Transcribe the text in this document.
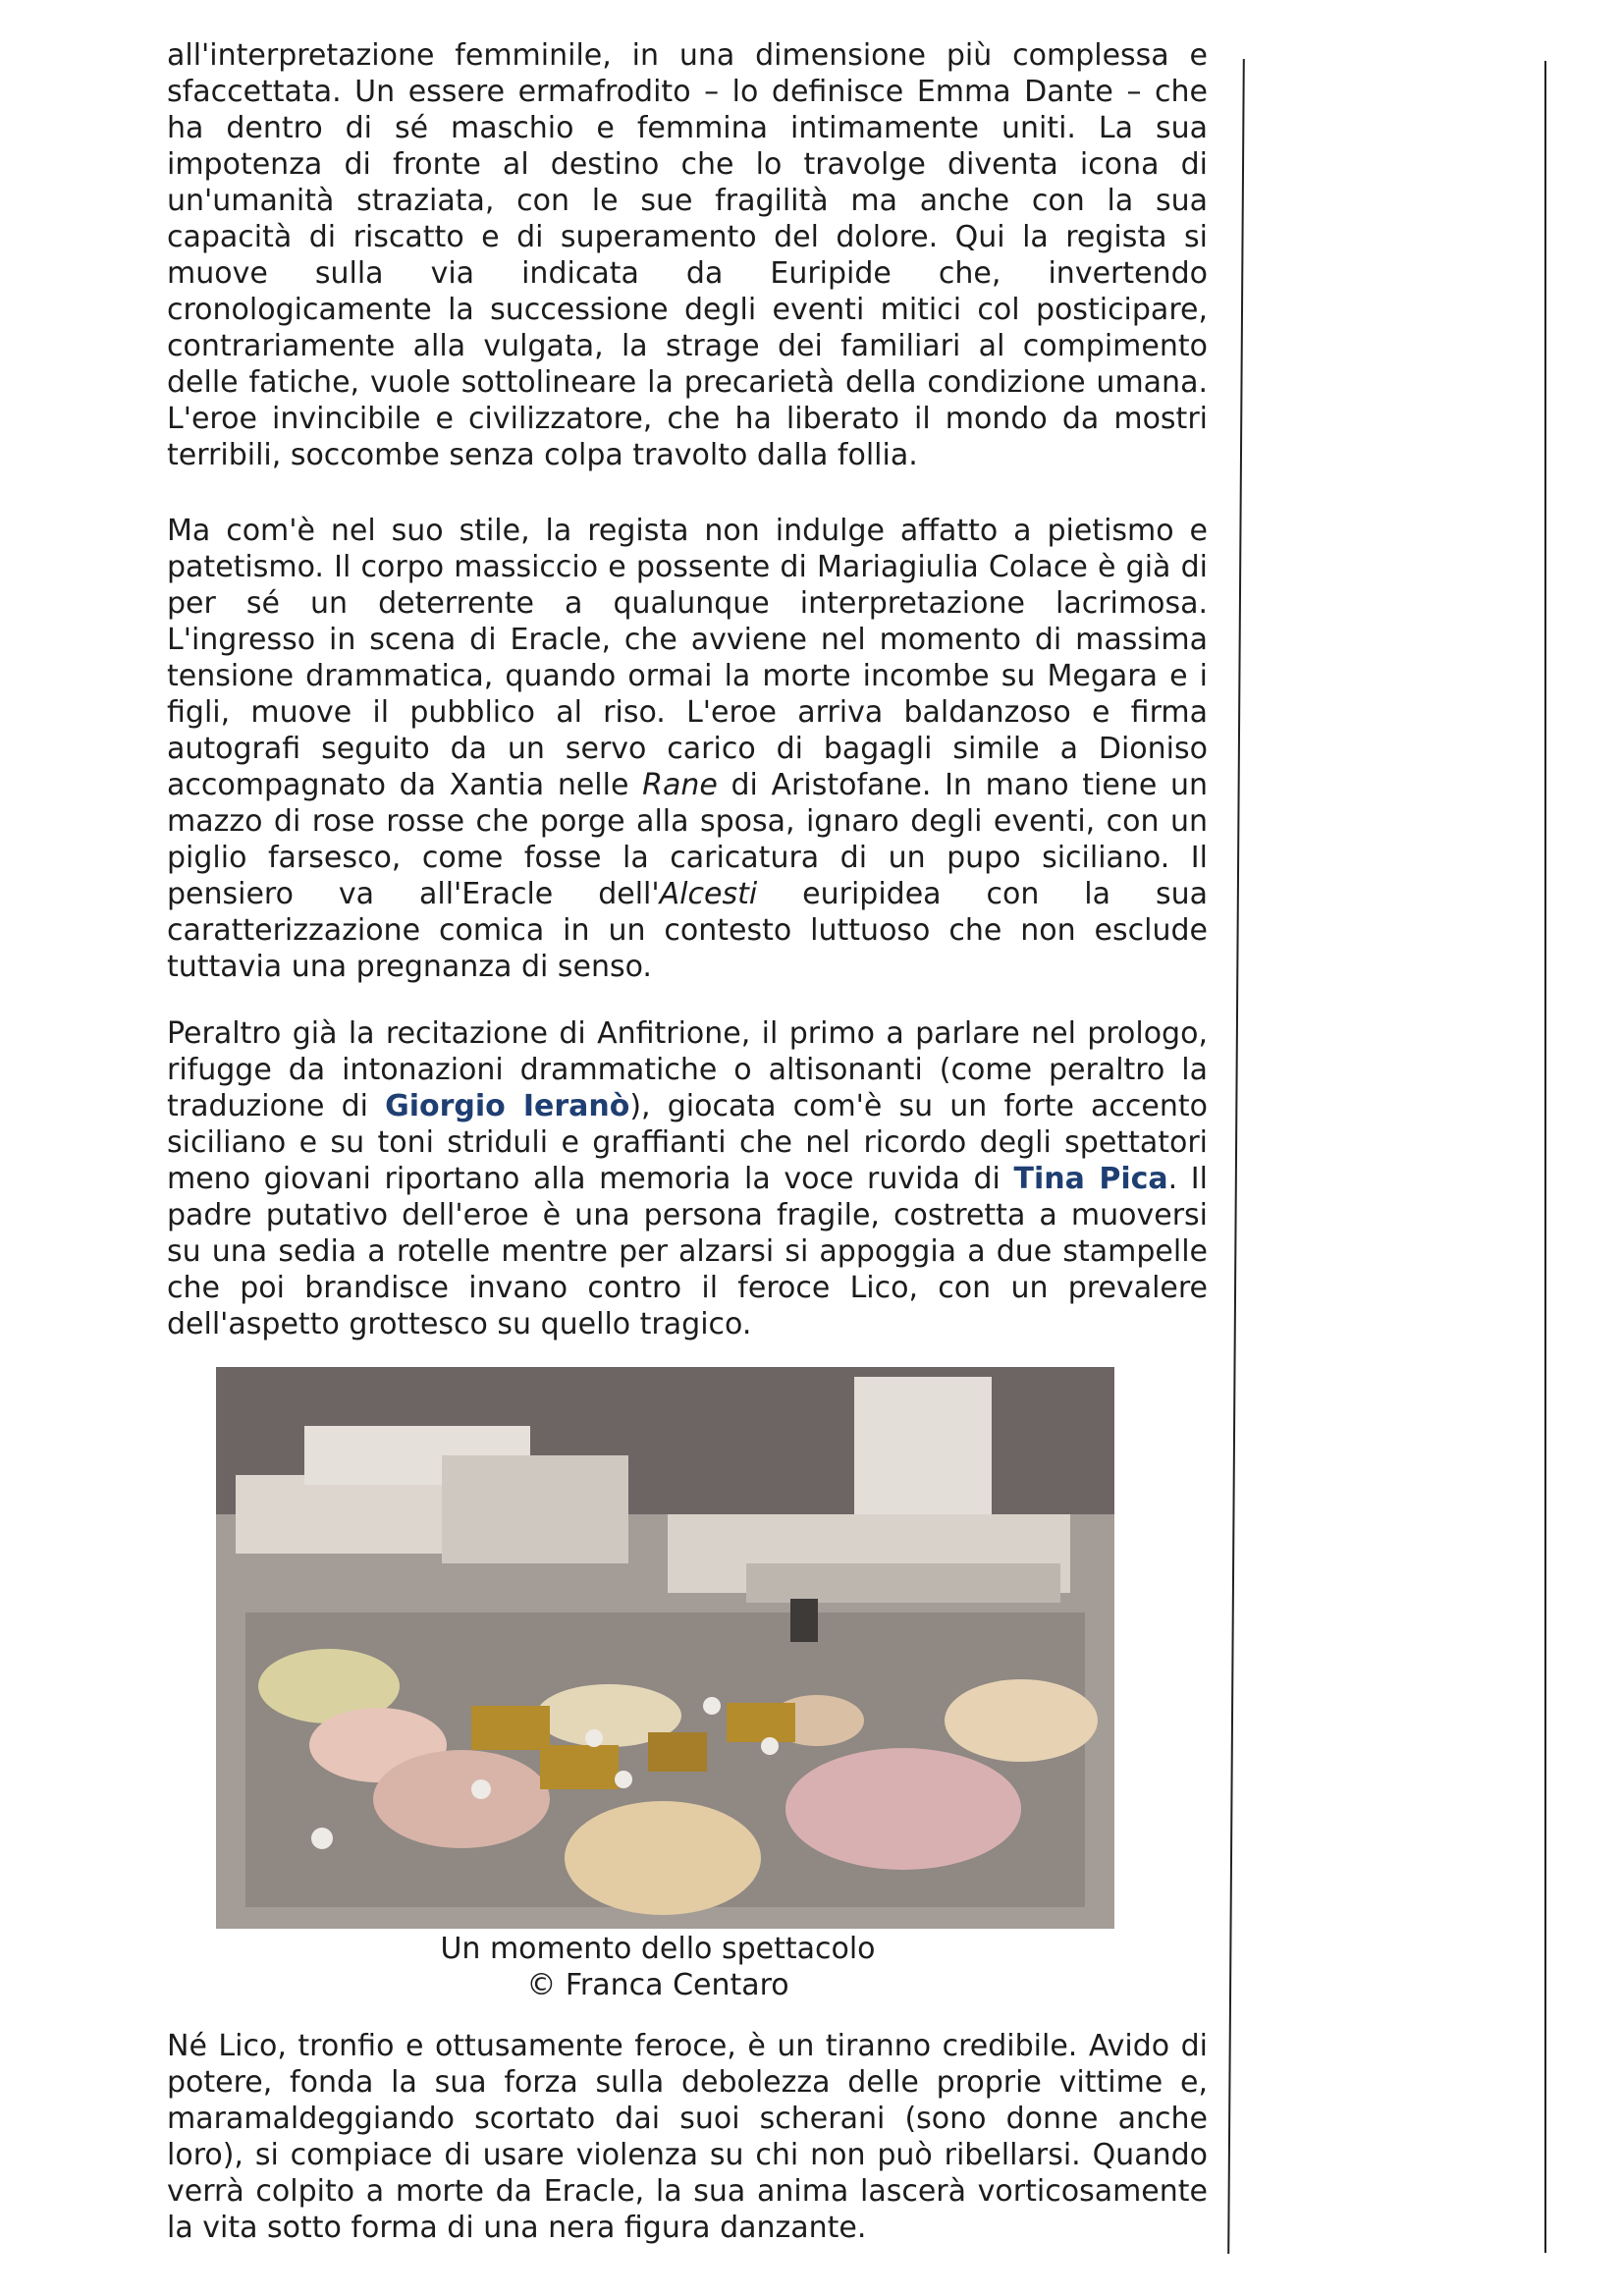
all'interpretazione femminile, in una dimensione più complessa e sfaccettata. Un essere ermafrodito – lo definisce Emma Dante – che ha dentro di sé maschio e femmina intimamente uniti. La sua impotenza di fronte al destino che lo travolge diventa icona di un'umanità straziata, con le sue fragilità ma anche con la sua capacità di riscatto e di superamento del dolore. Qui la regista si muove sulla via indicata da Euripide che, invertendo cronologicamente la successione degli eventi mitici col posticipare, contrariamente alla vulgata, la strage dei familiari al compimento delle fatiche, vuole sottolineare la precarietà della condizione umana. L'eroe invincibile e civilizzatore, che ha liberato il mondo da mostri terribili, soccombe senza colpa travolto dalla follia.

Ma com'è nel suo stile, la regista non indulge affatto a pietismo e patetismo. Il corpo massiccio e possente di Mariagiulia Colace è già di per sé un deterrente a qualunque interpretazione lacrimosa. L'ingresso in scena di Eracle, che avviene nel momento di massima tensione drammatica, quando ormai la morte incombe su Megara e i figli, muove il pubblico al riso. L'eroe arriva baldanzoso e firma autografi seguito da un servo carico di bagagli simile a Dioniso accompagnato da Xantia nelle Rane di Aristofane. In mano tiene un mazzo di rose rosse che porge alla sposa, ignaro degli eventi, con un piglio farsesco, come fosse la caricatura di un pupo siciliano. Il pensiero va all'Eracle dell'Alcesti euripidea con la sua caratterizzazione comica in un contesto luttuoso che non esclude tuttavia una pregnanza di senso.

Peraltro già la recitazione di Anfitrione, il primo a parlare nel prologo, rifugge da intonazioni drammatiche o altisonanti (come peraltro la traduzione di Giorgio Ieranò), giocata com'è su un forte accento siciliano e su toni striduli e graffianti che nel ricordo degli spettatori meno giovani riportano alla memoria la voce ruvida di Tina Pica. Il padre putativo dell'eroe è una persona fragile, costretta a muoversi su una sedia a rotelle mentre per alzarsi si appoggia a due stampelle che poi brandisce invano contro il feroce Lico, con un prevalere dell'aspetto grottesco su quello tragico.

Né Lico, tronfio e ottusamente feroce, è un tiranno credibile. Avido di potere, fonda la sua forza sulla debolezza delle proprie vittime e, maramaldeggiando scortato dai suoi scherani (sono donne anche loro), si compiace di usare violenza su chi non può ribellarsi. Quando verrà colpito a morte da Eracle, la sua anima lascerà vorticosamente la vita sotto forma di una nera figura danzante.

Un momento dello spettacolo

© Franca Centaro
